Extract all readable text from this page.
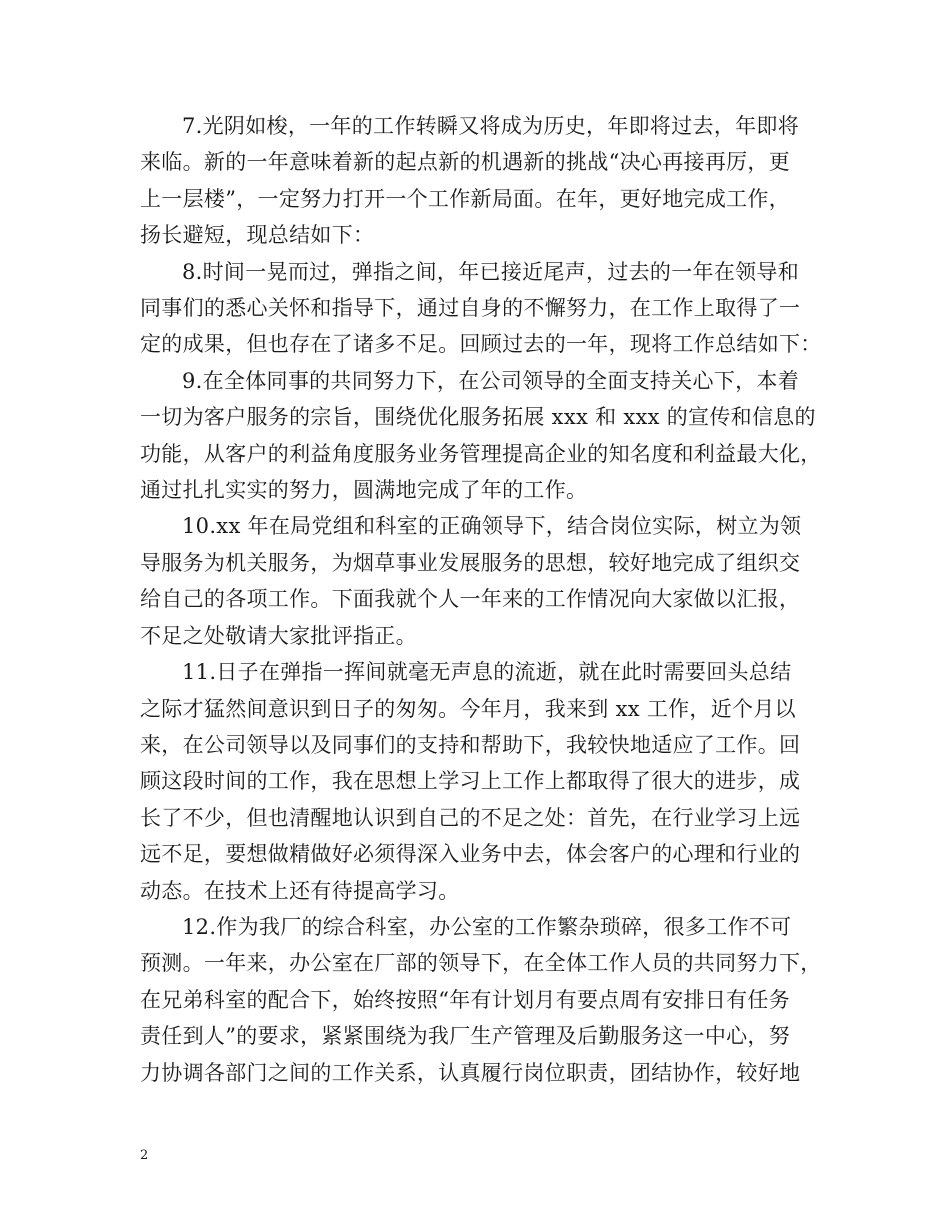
7.光阴如梭，一年的工作转瞬又将成为历史，年即将过去，年即将
来临。新的一年意味着新的起点新的机遇新的挑战“决心再接再厉，更
上一层楼”，一定努力打开一个工作新局面。在年，更好地完成工作，
扬长避短，现总结如下：

8.时间一晃而过，弹指之间，年已接近尾声，过去的一年在领导和
同事们的悉心关怀和指导下，通过自身的不懈努力，在工作上取得了一
定的成果，但也存在了诸多不足。回顾过去的一年，现将工作总结如下：

9.在全体同事的共同努力下，在公司领导的全面支持关心下，本着
一切为客户服务的宗旨，围绕优化服务拓展 xxx 和 xxx 的宣传和信息的
功能，从客户的利益角度服务业务管理提高企业的知名度和利益最大化，
通过扎扎实实的努力，圆满地完成了年的工作。

10.xx 年在局党组和科室的正确领导下，结合岗位实际，树立为领
导服务为机关服务，为烟草事业发展服务的思想，较好地完成了组织交
给自己的各项工作。下面我就个人一年来的工作情况向大家做以汇报，
不足之处敬请大家批评指正。

11.日子在弹指一挥间就毫无声息的流逝，就在此时需要回头总结
之际才猛然间意识到日子的匆匆。今年月，我来到 xx 工作，近个月以
来，在公司领导以及同事们的支持和帮助下，我较快地适应了工作。回
顾这段时间的工作，我在思想上学习上工作上都取得了很大的进步，成
长了不少，但也清醒地认识到自己的不足之处：首先，在行业学习上远
远不足，要想做精做好必须得深入业务中去，体会客户的心理和行业的
动态。在技术上还有待提高学习。

12.作为我厂的综合科室，办公室的工作繁杂琐碎，很多工作不可
预测。一年来，办公室在厂部的领导下，在全体工作人员的共同努力下，
在兄弟科室的配合下，始终按照“年有计划月有要点周有安排日有任务
责任到人”的要求，紧紧围绕为我厂生产管理及后勤服务这一中心，努
力协调各部门之间的工作关系，认真履行岗位职责，团结协作，较好地

2
